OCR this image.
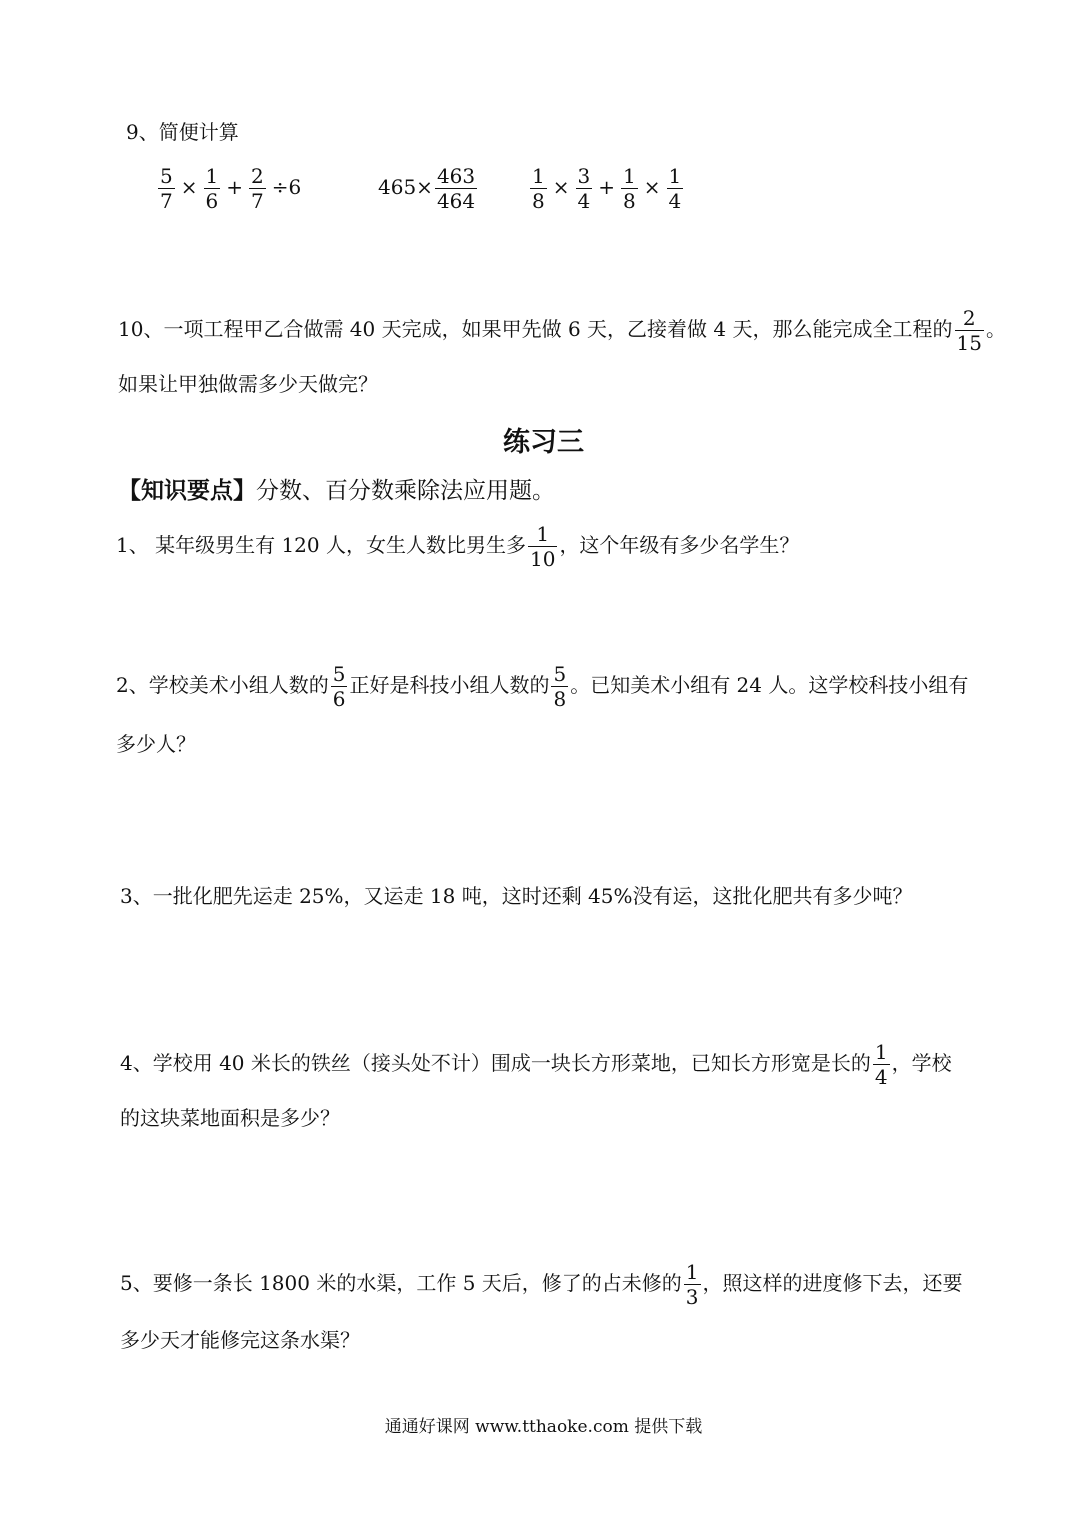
9、简便计算
$\frac{5}{7} \times \frac{1}{6} + \frac{2}{7} \div 6$	$465\times \frac{463}{464}$	$\frac{1}{8} \times \frac{3}{4} + \frac{1}{8} \times \frac{1}{4}$
10、一项工程甲乙合做需 40 天完成，如果甲先做 6 天，乙接着做 4 天，那么能完成全工程的 $\frac{2}{15}$ 。
如果让甲独做需多少天做完？
练习三
【知识要点】分数、百分数乘除法应用题。
1、 某年级男生有 120 人，女生人数比男生多 $\frac{1}{10}$ ，这个年级有多少名学生？
2、学校美术小组人数的 $\frac{5}{6}$ 正好是科技小组人数的 $\frac{5}{8}$ 。已知美术小组有 24 人。这学校科技小组有
多少人？
3、一批化肥先运走 25%，又运走 18 吨，这时还剩 45%没有运，这批化肥共有多少吨？
4、学校用 40 米长的铁丝（接头处不计）围成一块长方形菜地，已知长方形宽是长的 $\frac{1}{4}$ ，学校
的这块菜地面积是多少？
5、要修一条长 1800 米的水渠，工作 5 天后，修了的占未修的 $\frac{1}{3}$ ，照这样的进度修下去，还要
多少天才能修完这条水渠？
通通好课网 www.tthaoke.com 提供下载
